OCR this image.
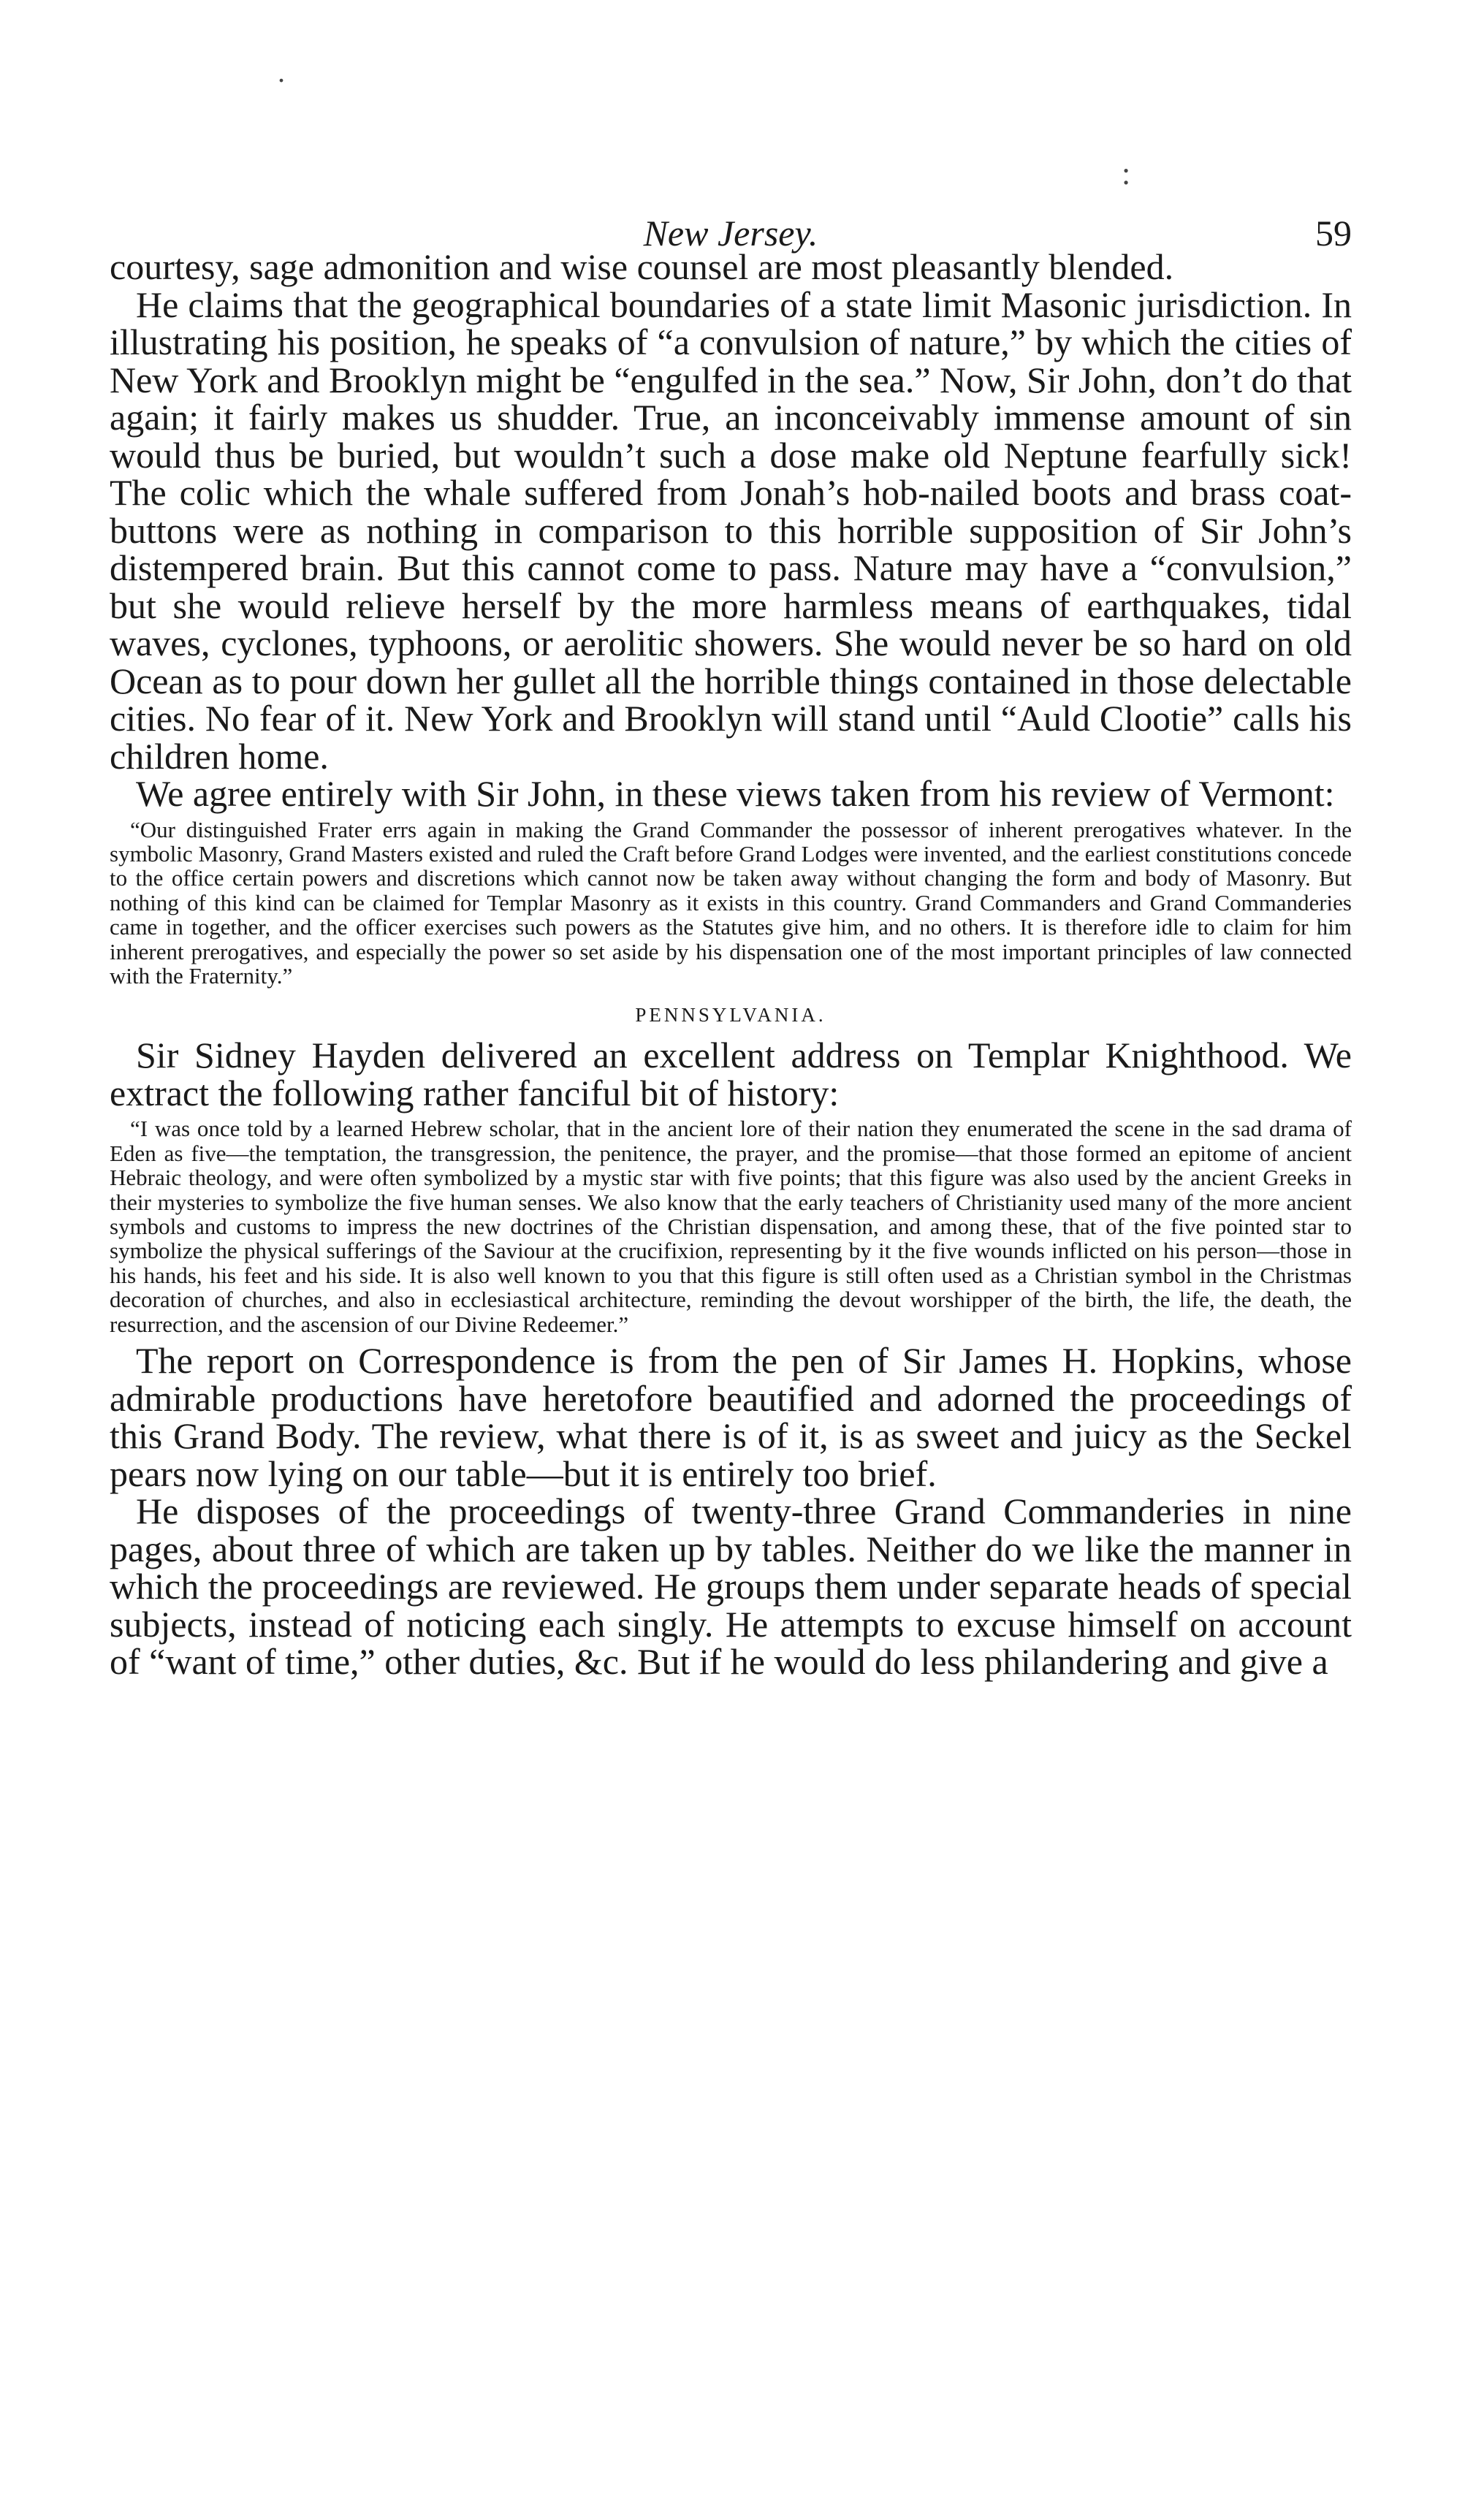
:
.
New Jersey.	59

courtesy, sage admonition and wise counsel are most pleasantly blended.

He claims that the geographical boundaries of a state limit Masonic jurisdiction. In illustrating his position, he speaks of “a convulsion of nature,” by which the cities of New York and Brooklyn might be “engulfed in the sea.” Now, Sir John, don’t do that again; it fairly makes us shudder. True, an inconceivably immense amount of sin would thus be buried, but wouldn’t such a dose make old Neptune fearfully sick! The colic which the whale suffered from Jonah’s hob-nailed boots and brass coat-buttons were as nothing in comparison to this horrible supposition of Sir John’s distempered brain. But this cannot come to pass. Nature may have a “convulsion,” but she would relieve herself by the more harmless means of earthquakes, tidal waves, cyclones, typhoons, or aerolitic showers. She would never be so hard on old Ocean as to pour down her gullet all the horrible things contained in those delectable cities. No fear of it. New York and Brooklyn will stand until “Auld Clootie” calls his children home.

We agree entirely with Sir John, in these views taken from his review of Vermont:

“Our distinguished Frater errs again in making the Grand Commander the possessor of inherent prerogatives whatever. In the symbolic Masonry, Grand Masters existed and ruled the Craft before Grand Lodges were invented, and the earliest constitutions concede to the office certain powers and discretions which cannot now be taken away without changing the form and body of Masonry. But nothing of this kind can be claimed for Templar Masonry as it exists in this country. Grand Commanders and Grand Commanderies came in together, and the officer exercises such powers as the Statutes give him, and no others. It is therefore idle to claim for him inherent prerogatives, and especially the power so set aside by his dispensation one of the most important principles of law connected with the Fraternity.”

PENNSYLVANIA.

Sir Sidney Hayden delivered an excellent address on Templar Knighthood. We extract the following rather fanciful bit of history:

“I was once told by a learned Hebrew scholar, that in the ancient lore of their nation they enumerated the scene in the sad drama of Eden as five—the temptation, the transgression, the penitence, the prayer, and the promise—that those formed an epitome of ancient Hebraic theology, and were often symbolized by a mystic star with five points; that this figure was also used by the ancient Greeks in their mysteries to symbolize the five human senses. We also know that the early teachers of Christianity used many of the more ancient symbols and customs to impress the new doctrines of the Christian dispensation, and among these, that of the five pointed star to symbolize the physical sufferings of the Saviour at the crucifixion, representing by it the five wounds inflicted on his person—those in his hands, his feet and his side. It is also well known to you that this figure is still often used as a Christian symbol in the Christmas decoration of churches, and also in ecclesiastical architecture, reminding the devout worshipper of the birth, the life, the death, the resurrection, and the ascension of our Divine Redeemer.”

The report on Correspondence is from the pen of Sir James H. Hopkins, whose admirable productions have heretofore beautified and adorned the proceedings of this Grand Body. The review, what there is of it, is as sweet and juicy as the Seckel pears now lying on our table—but it is entirely too brief.

He disposes of the proceedings of twenty-three Grand Commanderies in nine pages, about three of which are taken up by tables. Neither do we like the manner in which the proceedings are reviewed. He groups them under separate heads of special subjects, instead of noticing each singly. He attempts to excuse himself on account of “want of time,” other duties, &c. But if he would do less philandering and give a
